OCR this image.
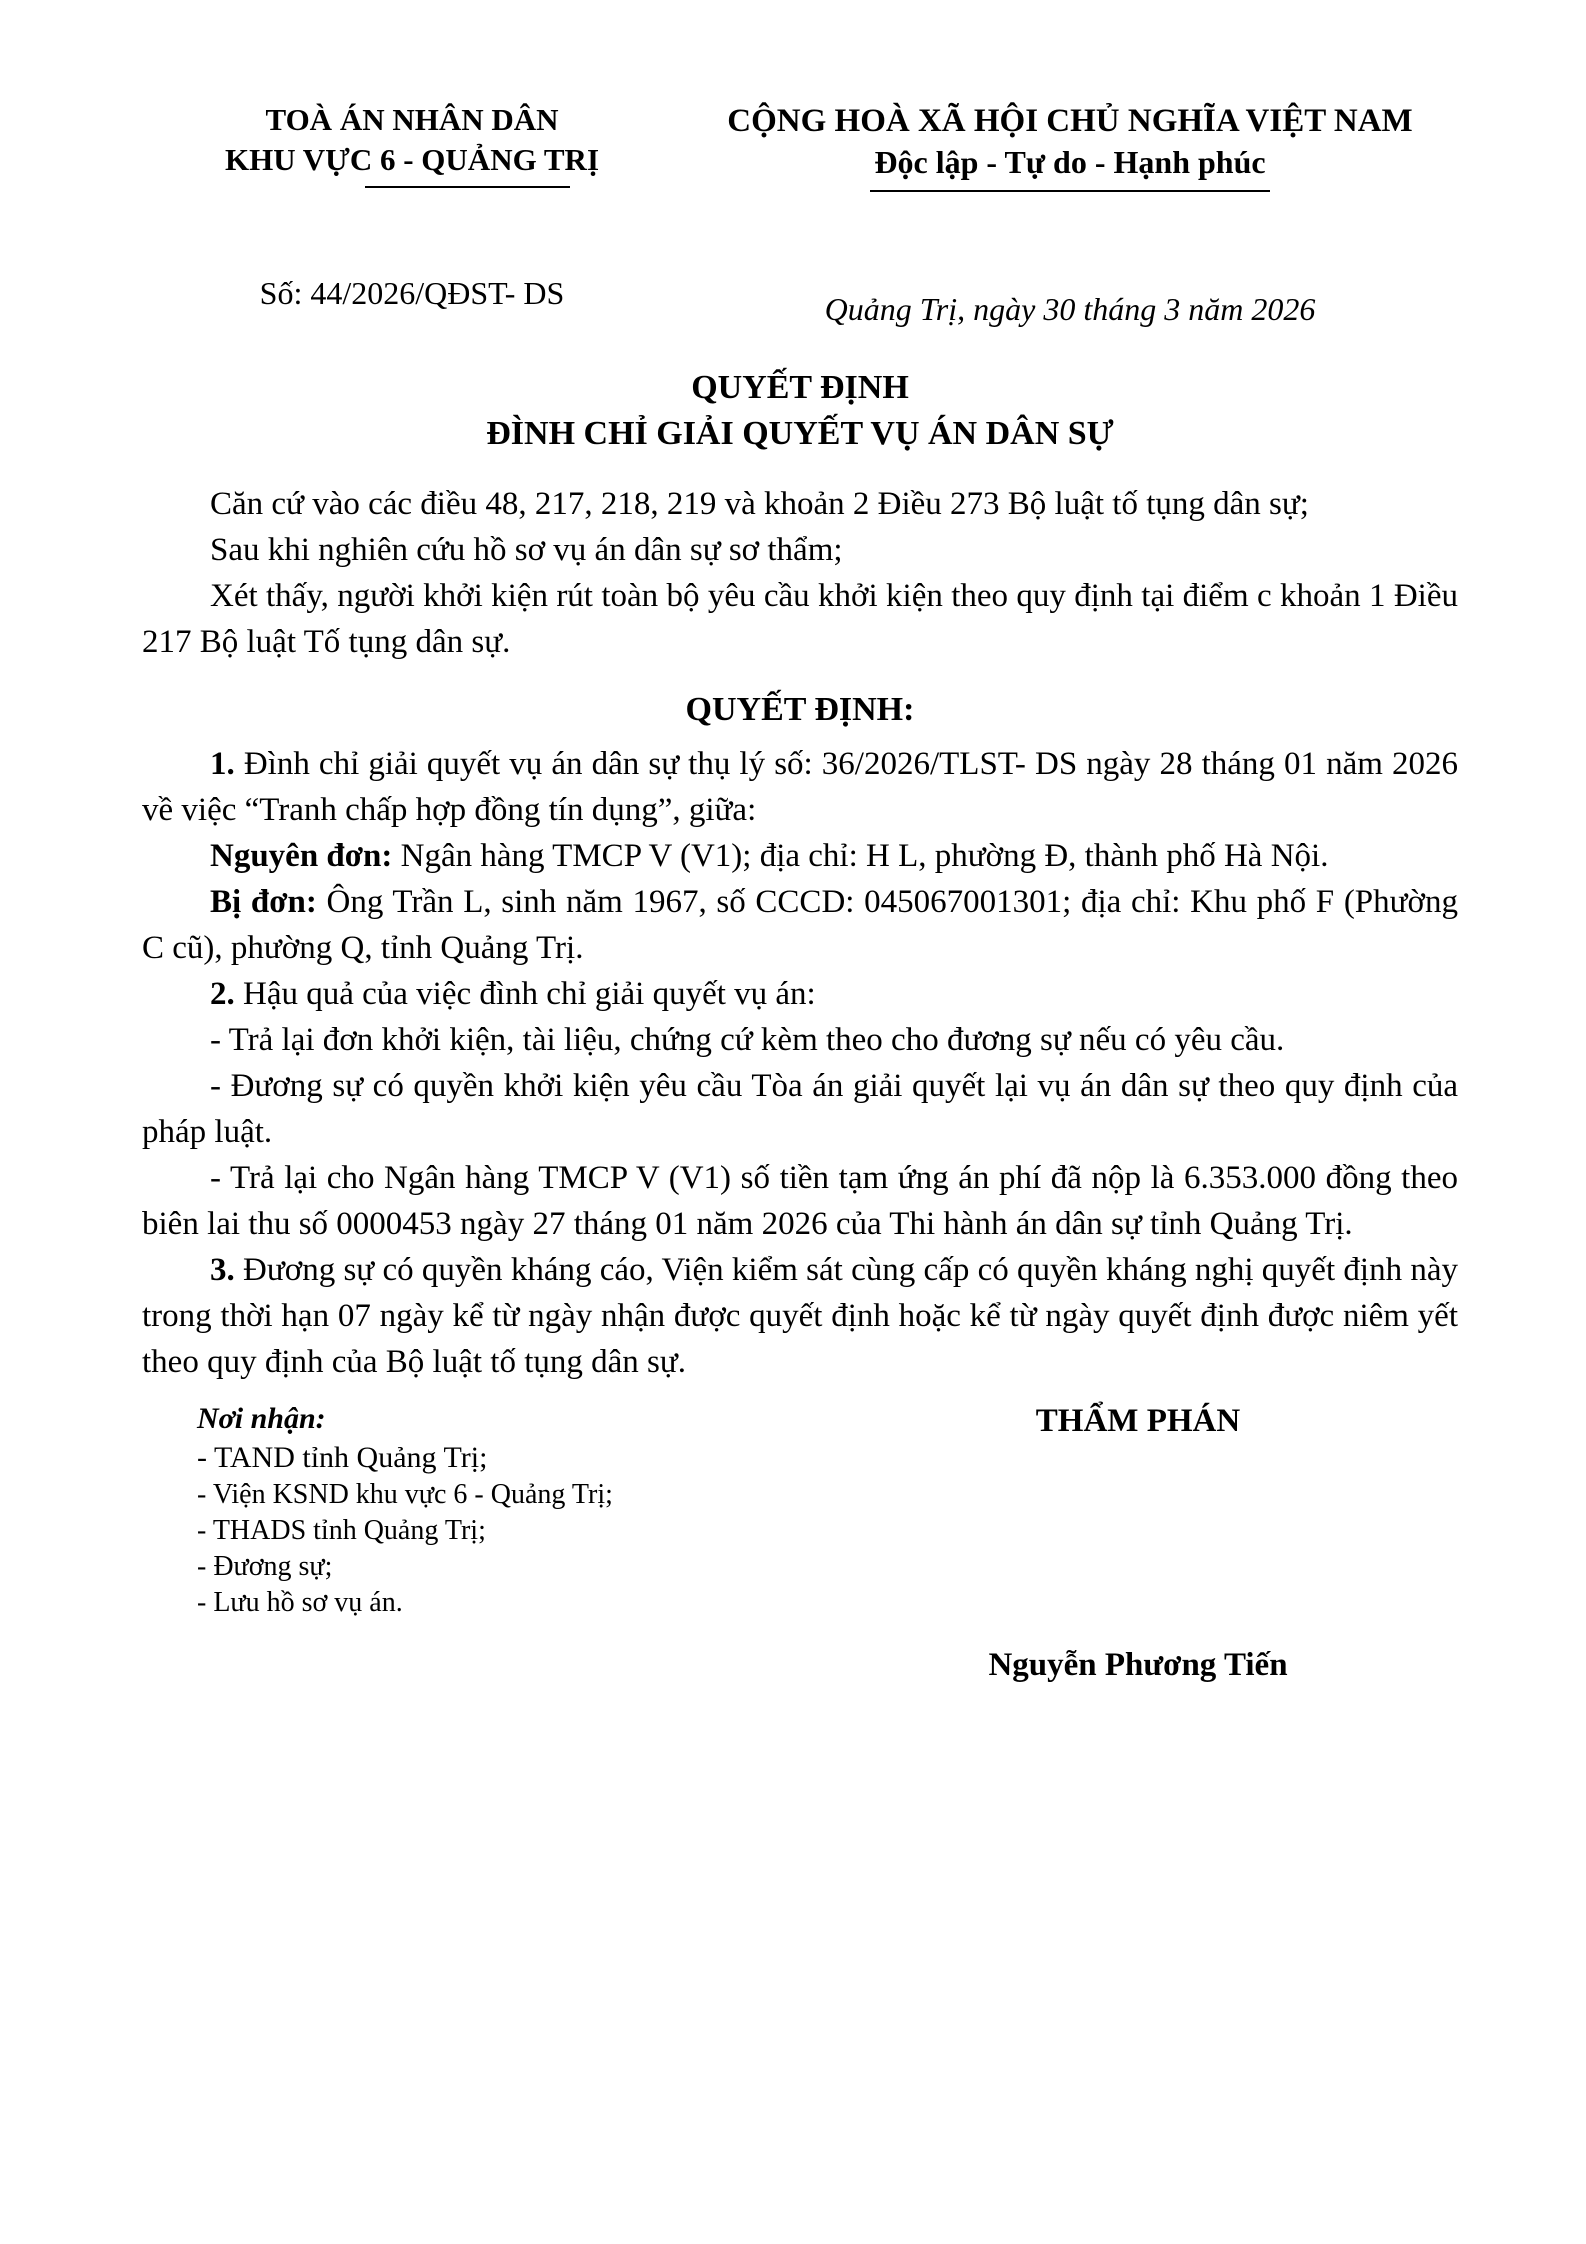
TOÀ ÁN NHÂN DÂN
KHU VỰC 6 - QUẢNG TRỊ
Số: 44/2026/QĐST- DS
CỘNG HOÀ XÃ HỘI CHỦ NGHĨA VIỆT NAM
Độc lập - Tự do - Hạnh phúc
Quảng Trị, ngày 30 tháng 3 năm 2026
QUYẾT ĐỊNH
ĐÌNH CHỈ GIẢI QUYẾT VỤ ÁN DÂN SỰ

Căn cứ vào các điều 48, 217, 218, 219 và khoản 2 Điều 273 Bộ luật tố tụng dân sự;

Sau khi nghiên cứu hồ sơ vụ án dân sự sơ thẩm;

Xét thấy, người khởi kiện rút toàn bộ yêu cầu khởi kiện theo quy định tại điểm c khoản 1 Điều 217 Bộ luật Tố tụng dân sự.

QUYẾT ĐỊNH:

1. Đình chỉ giải quyết vụ án dân sự thụ lý số: 36/2026/TLST- DS ngày 28 tháng 01 năm 2026 về việc “Tranh chấp hợp đồng tín dụng”, giữa:

Nguyên đơn: Ngân hàng TMCP V (V1); địa chỉ: H L, phường Đ, thành phố Hà Nội.

Bị đơn: Ông Trần L, sinh năm 1967, số CCCD: 045067001301; địa chỉ: Khu phố F (Phường C cũ), phường Q, tỉnh Quảng Trị.

2. Hậu quả của việc đình chỉ giải quyết vụ án:

- Trả lại đơn khởi kiện, tài liệu, chứng cứ kèm theo cho đương sự nếu có yêu cầu.

- Đương sự có quyền khởi kiện yêu cầu Tòa án giải quyết lại vụ án dân sự theo quy định của pháp luật.

- Trả lại cho Ngân hàng TMCP V (V1) số tiền tạm ứng án phí đã nộp là 6.353.000 đồng theo biên lai thu số 0000453 ngày 27 tháng 01 năm 2026 của Thi hành án dân sự tỉnh Quảng Trị.

3. Đương sự có quyền kháng cáo, Viện kiểm sát cùng cấp có quyền kháng nghị quyết định này trong thời hạn 07 ngày kể từ ngày nhận được quyết định hoặc kể từ ngày quyết định được niêm yết theo quy định của Bộ luật tố tụng dân sự.

Nơi nhận:
- TAND tỉnh Quảng Trị;
- Viện KSND khu vực 6 - Quảng Trị;
- THADS tỉnh Quảng Trị;
- Đương sự;
- Lưu hồ sơ vụ án.
THẨM PHÁN
Nguyễn Phương Tiến
